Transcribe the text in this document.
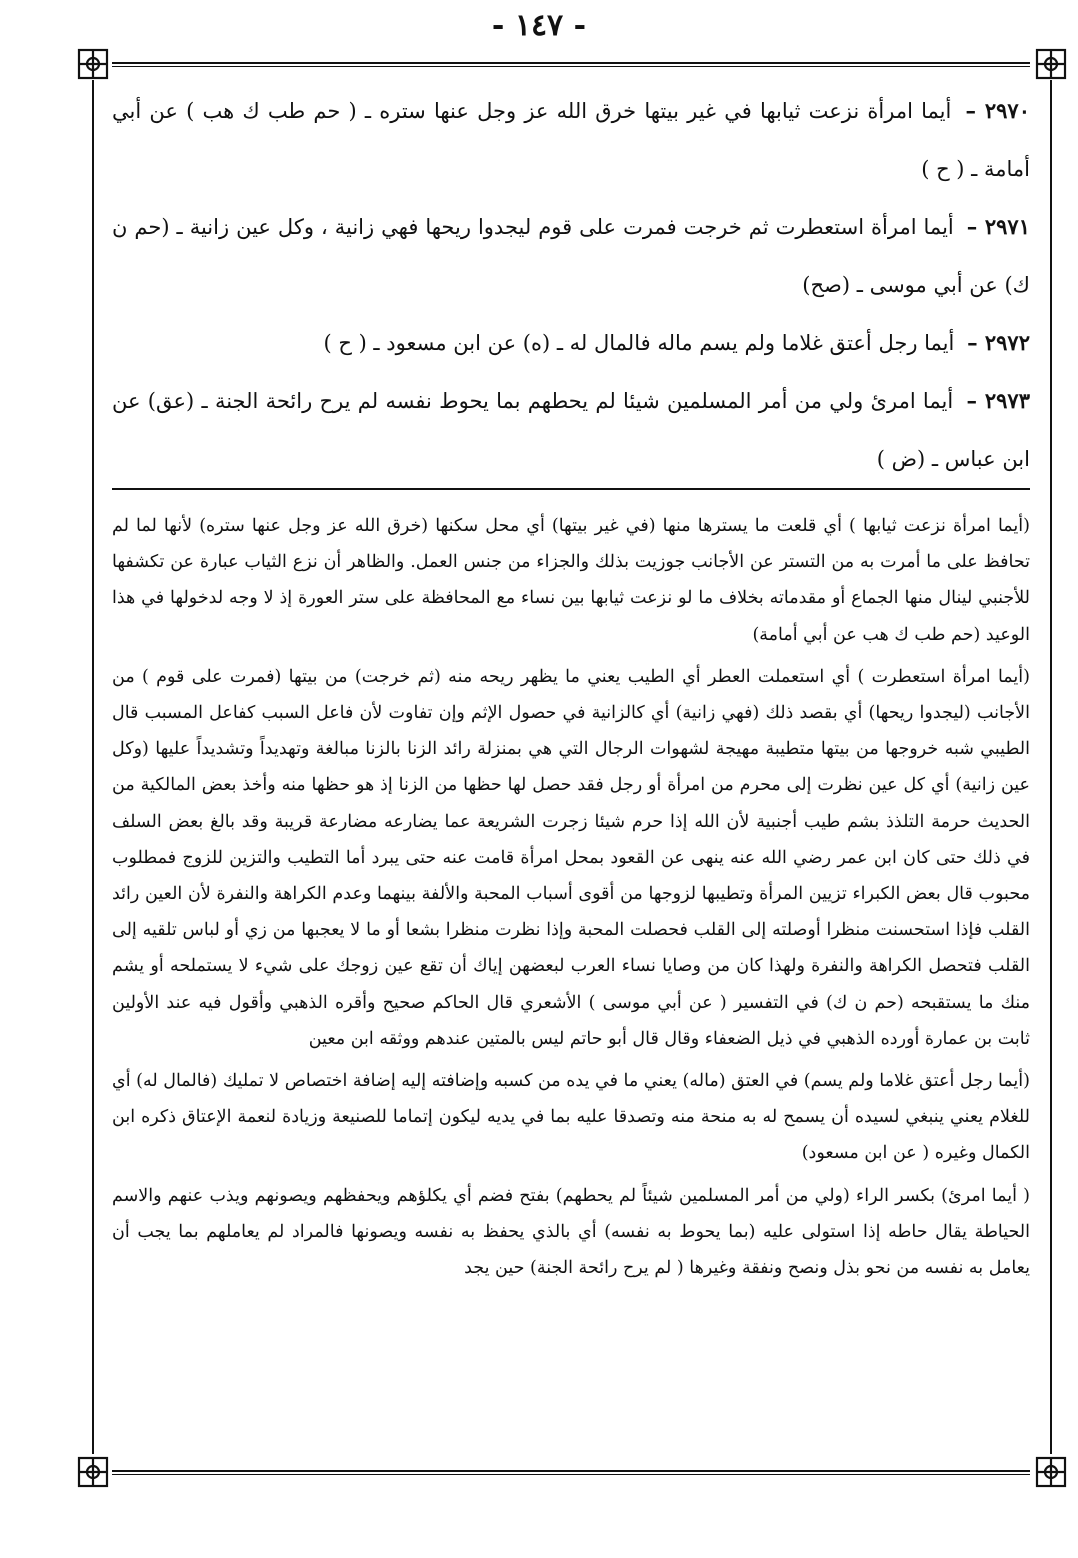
- ١٤٧ -

٢٩٧٠ – أيما امرأة نزعت ثيابها في غير بيتها خرق الله عز وجل عنها ستره ـ ( حم طب ك هب ) عن أبي أمامة ـ ( ح )

٢٩٧١ – أيما امرأة استعطرت ثم خرجت فمرت على قوم ليجدوا ريحها فهي زانية ، وكل عين زانية ـ (حم ن ك) عن أبي موسى ـ (صح)

٢٩٧٢ – أيما رجل أعتق غلاما ولم يسم ماله فالمال له ـ (ه) عن ابن مسعود ـ ( ح )

٢٩٧٣ – أيما امرئ ولي من أمر المسلمين شيئا لم يحطهم بما يحوط نفسه لم يرح رائحة الجنة ـ (عق) عن ابن عباس ـ (ض )

(أيما امرأة نزعت ثيابها ) أي قلعت ما يسترها منها (في غير بيتها) أي محل سكنها (خرق الله عز وجل عنها ستره) لأنها لما لم تحافظ على ما أمرت به من التستر عن الأجانب جوزيت بذلك والجزاء من جنس العمل. والظاهر أن نزع الثياب عبارة عن تكشفها للأجنبي لينال منها الجماع أو مقدماته بخلاف ما لو نزعت ثيابها بين نساء مع المحافظة على ستر العورة إذ لا وجه لدخولها في هذا الوعيد (حم طب ك هب عن أبي أمامة)

(أيما امرأة استعطرت ) أي استعملت العطر أي الطيب يعني ما يظهر ريحه منه (ثم خرجت) من بيتها (فمرت على قوم ) من الأجانب (ليجدوا ريحها) أي بقصد ذلك (فهي زانية) أي كالزانية في حصول الإثم وإن تفاوت لأن فاعل السبب كفاعل المسبب قال الطيبي شبه خروجها من بيتها متطيبة مهيجة لشهوات الرجال التي هي بمنزلة رائد الزنا بالزنا مبالغة وتهديداً وتشديداً عليها (وكل عين زانية) أي كل عين نظرت إلى محرم من امرأة أو رجل فقد حصل لها حظها من الزنا إذ هو حظها منه وأخذ بعض المالكية من الحديث حرمة التلذذ بشم طيب أجنبية لأن الله إذا حرم شيئا زجرت الشريعة عما يضارعه مضارعة قريبة وقد بالغ بعض السلف في ذلك حتى كان ابن عمر رضي الله عنه ينهى عن القعود بمحل امرأة قامت عنه حتى يبرد أما التطيب والتزين للزوج فمطلوب محبوب قال بعض الكبراء تزيين المرأة وتطيبها لزوجها من أقوى أسباب المحبة والألفة بينهما وعدم الكراهة والنفرة لأن العين رائد القلب فإذا استحسنت منظرا أوصلته إلى القلب فحصلت المحبة وإذا نظرت منظرا بشعا أو ما لا يعجبها من زي أو لباس تلقيه إلى القلب فتحصل الكراهة والنفرة ولهذا كان من وصايا نساء العرب لبعضهن إياك أن تقع عين زوجك على شيء لا يستملحه أو يشم منك ما يستقبحه (حم ن ك) في التفسير ( عن أبي موسى ) الأشعري قال الحاكم صحيح وأقره الذهبي وأقول فيه عند الأولين ثابت بن عمارة أورده الذهبي في ذيل الضعفاء وقال قال أبو حاتم ليس بالمتين عندهم ووثقه ابن معين

(أيما رجل أعتق غلاما ولم يسم) في العتق (ماله) يعني ما في يده من كسبه وإضافته إليه إضافة اختصاص لا تمليك (فالمال له) أي للغلام يعني ينبغي لسيده أن يسمح له به منحة منه وتصدقا عليه بما في يديه ليكون إتماما للصنيعة وزيادة لنعمة الإعتاق ذكره ابن الكمال وغيره ( عن ابن مسعود)

( أيما امرئ) بكسر الراء (ولي من أمر المسلمين شيئاً لم يحطهم) بفتح فضم أي يكلؤهم ويحفظهم ويصونهم ويذب عنهم والاسم الحياطة يقال حاطه إذا استولى عليه (بما يحوط به نفسه) أي بالذي يحفظ به نفسه ويصونها فالمراد لم يعاملهم بما يجب أن يعامل به نفسه من نحو بذل ونصح ونفقة وغيرها ( لم يرح رائحة الجنة) حين يجد
